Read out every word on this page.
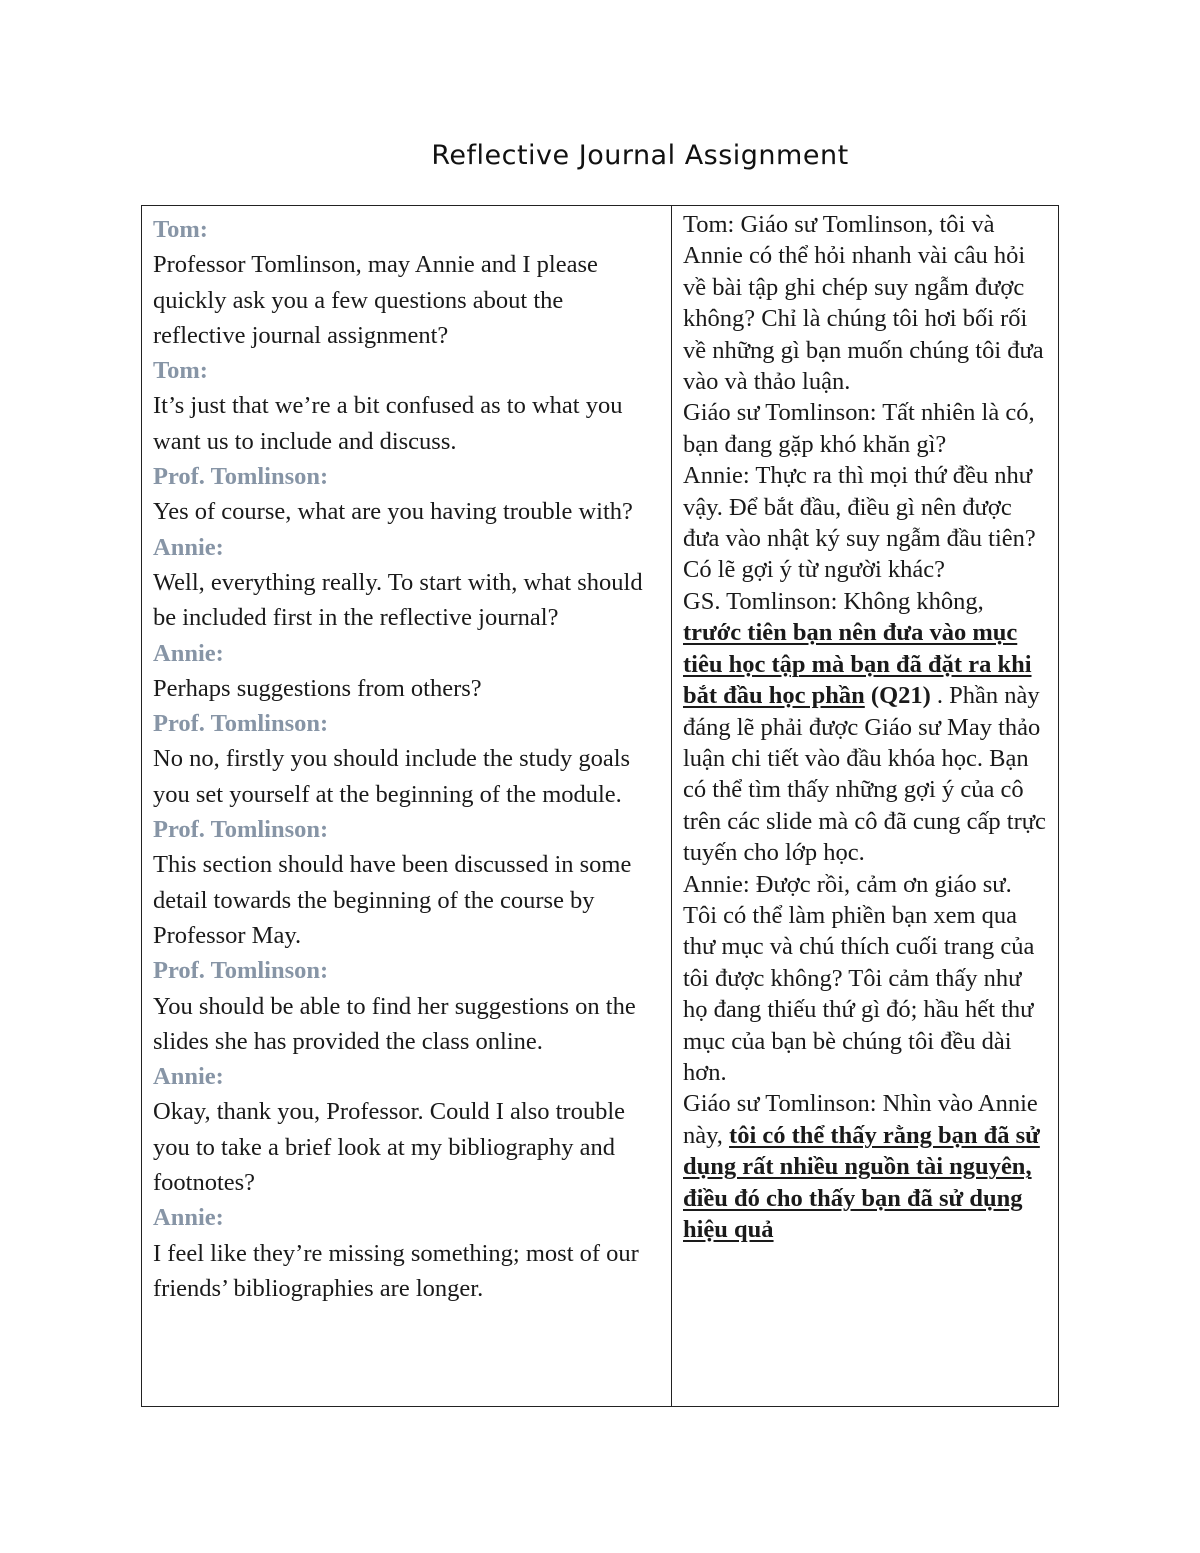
Reflective Journal Assignment
Tom:
Professor Tomlinson, may Annie and I please quickly ask you a few questions about the reflective journal assignment?
Tom:
It’s just that we’re a bit confused as to what you want us to include and discuss.
Prof. Tomlinson:
Yes of course, what are you having trouble with?
Annie:
Well, everything really. To start with, what should be included first in the reflective journal?
Annie:
Perhaps suggestions from others?
Prof. Tomlinson:
No no, firstly you should include the study goals you set yourself at the beginning of the module.
Prof. Tomlinson:
This section should have been discussed in some detail towards the beginning of the course by Professor May.
Prof. Tomlinson:
You should be able to find her suggestions on the slides she has provided the class online.
Annie:
Okay, thank you, Professor. Could I also trouble you to take a brief look at my bibliography and footnotes?
Annie:
I feel like they’re missing something; most of our friends’ bibliographies are longer.
Tom: Giáo sư Tomlinson, tôi và Annie có thể hỏi nhanh vài câu hỏi về bài tập ghi chép suy ngẫm được không? Chỉ là chúng tôi hơi bối rối về những gì bạn muốn chúng tôi đưa vào và thảo luận.
Giáo sư Tomlinson: Tất nhiên là có, bạn đang gặp khó khăn gì?
Annie: Thực ra thì mọi thứ đều như vậy. Để bắt đầu, điều gì nên được đưa vào nhật ký suy ngẫm đầu tiên? Có lẽ gợi ý từ người khác?
GS. Tomlinson: Không không, trước tiên bạn nên đưa vào mục tiêu học tập mà bạn đã đặt ra khi bắt đầu học phần (Q21) . Phần này đáng lẽ phải được Giáo sư May thảo luận chi tiết vào đầu khóa học. Bạn có thể tìm thấy những gợi ý của cô trên các slide mà cô đã cung cấp trực tuyến cho lớp học.
Annie: Được rồi, cảm ơn giáo sư. Tôi có thể làm phiền bạn xem qua thư mục và chú thích cuối trang của tôi được không? Tôi cảm thấy như họ đang thiếu thứ gì đó; hầu hết thư mục của bạn bè chúng tôi đều dài hơn.
Giáo sư Tomlinson: Nhìn vào Annie này, tôi có thể thấy rằng bạn đã sử dụng rất nhiều nguồn tài nguyên, điều đó cho thấy bạn đã sử dụng hiệu quả
